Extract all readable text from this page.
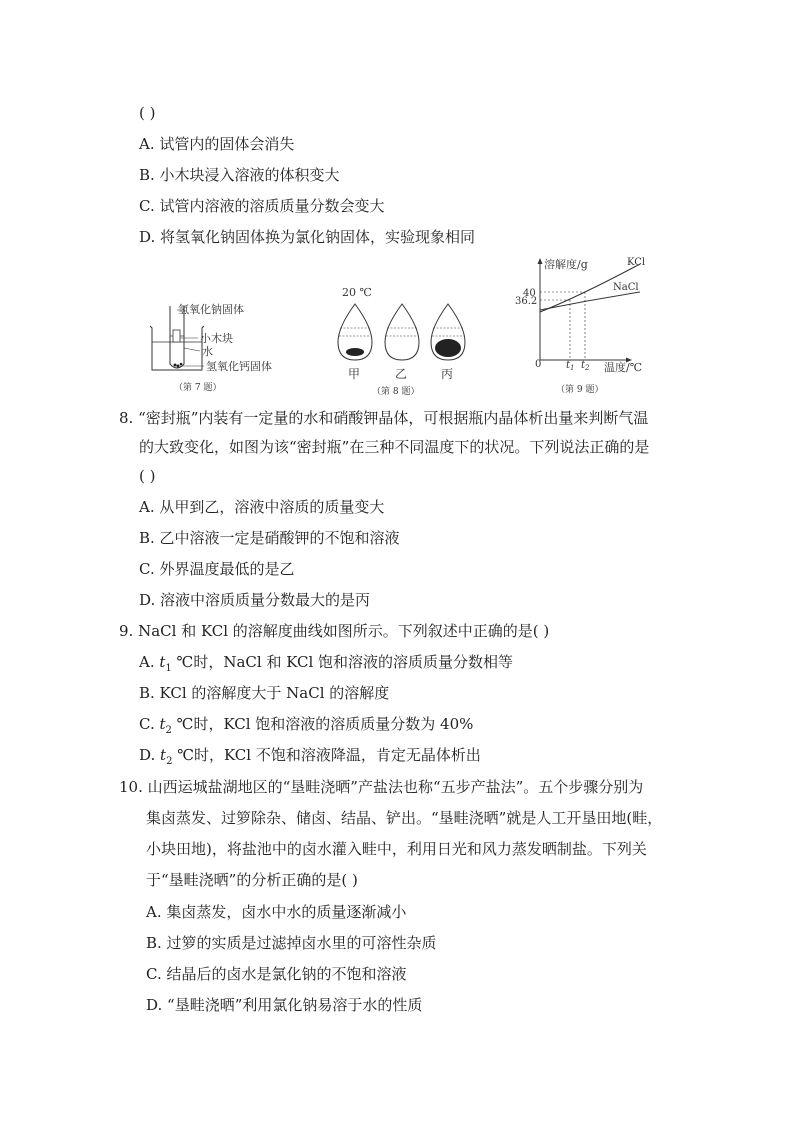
( )
A. 试管内的固体会消失
B. 小木块浸入溶液的体积变大
C. 试管内溶液的溶质质量分数会变大
D. 将氢氧化钠固体换为氯化钠固体，实验现象相同
氢氧化钠固体
小木块
水
氢氧化钙固体
（第 7 题）
20 ℃
甲	乙	丙
（第 8 题）
溶解度/g
温度/℃
0
KCl
NaCl
40
36.2
$t_1$ $t_2$
（第 9 题）
8. “密封瓶”内装有一定量的水和硝酸钾晶体，可根据瓶内晶体析出量来判断气温
的大致变化，如图为该“密封瓶”在三种不同温度下的状况。下列说法正确的是
( )
A. 从甲到乙，溶液中溶质的质量变大
B. 乙中溶液一定是硝酸钾的不饱和溶液
C. 外界温度最低的是乙
D. 溶液中溶质质量分数最大的是丙
9. NaCl 和 KCl 的溶解度曲线如图所示。下列叙述中正确的是( )
A. $t_1$ ℃时，NaCl 和 KCl 饱和溶液的溶质质量分数相等
B. KCl 的溶解度大于 NaCl 的溶解度
C. $t_2$ ℃时，KCl 饱和溶液的溶质质量分数为 40%
D. $t_2$ ℃时，KCl 不饱和溶液降温，肯定无晶体析出
10. 山西运城盐湖地区的“垦畦浇晒”产盐法也称“五步产盐法”。五个步骤分别为
集卤蒸发、过箩除杂、储卤、结晶、铲出。“垦畦浇晒”就是人工开垦田地(畦，
小块田地)，将盐池中的卤水灌入畦中，利用日光和风力蒸发晒制盐。下列关
于“垦畦浇晒”的分析正确的是( )
A. 集卤蒸发，卤水中水的质量逐渐减小
B. 过箩的实质是过滤掉卤水里的可溶性杂质
C. 结晶后的卤水是氯化钠的不饱和溶液
D. “垦畦浇晒”利用氯化钠易溶于水的性质
